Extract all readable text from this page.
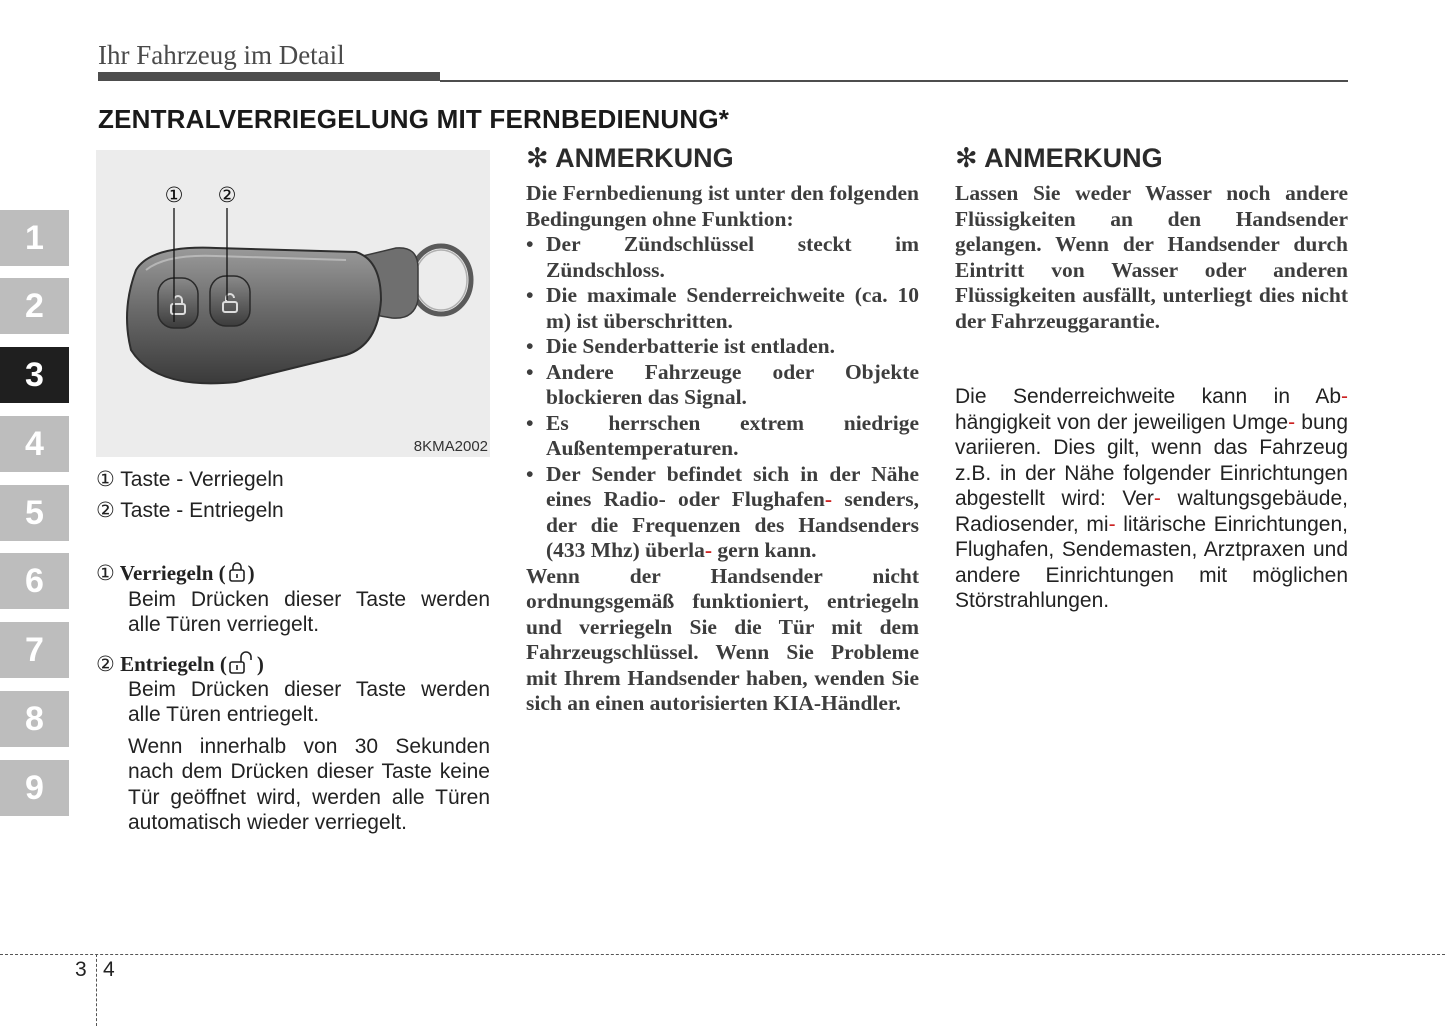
Ihr Fahrzeug im Detail
ZENTRALVERRIEGELUNG MIT FERNBEDIENUNG*
1
2
3
4
5
6
7
8
9
① ②
8KMA2002
① Taste - Verriegeln
② Taste - Entriegeln
① Verriegeln ( )
Beim Drücken dieser Taste werden alle Türen verriegelt.
② Entriegeln ( )
Beim Drücken dieser Taste werden alle Türen entriegelt.
Wenn innerhalb von 30 Sekunden nach dem Drücken dieser Taste keine Tür geöffnet wird, werden alle Türen automatisch wieder verriegelt.
✻ ANMERKUNG
Die Fernbedienung ist unter den folgenden Bedingungen ohne Funktion:
• Der Zündschlüssel steckt im Zündschloss.
• Die maximale Senderreichweite (ca. 10 m) ist überschritten.
• Die Senderbatterie ist entladen.
• Andere Fahrzeuge oder Objekte blockieren das Signal.
• Es herrschen extrem niedrige Außentemperaturen.
• Der Sender befindet sich in der Nähe eines Radio- oder Flughafen- senders, der die Frequenzen des Handsenders (433 Mhz) überla- gern kann.
Wenn der Handsender nicht ordnungsgemäß funktioniert, entriegeln und verriegeln Sie die Tür mit dem Fahrzeugschlüssel. Wenn Sie Probleme mit Ihrem Handsender haben, wenden Sie sich an einen autorisierten KIA-Händler.
✻ ANMERKUNG
Lassen Sie weder Wasser noch andere Flüssigkeiten an den Handsender gelangen. Wenn der Handsender durch Eintritt von Wasser oder anderen Flüssigkeiten ausfällt, unterliegt dies nicht der Fahrzeuggarantie.
Die Senderreichweite kann in Ab- hängigkeit von der jeweiligen Umge- bung variieren. Dies gilt, wenn das Fahrzeug z.B. in der Nähe folgender Einrichtungen abgestellt wird: Ver- waltungsgebäude, Radiosender, mi- litärische Einrichtungen, Flughafen, Sendemasten, Arztpraxen und andere Einrichtungen mit möglichen Störstrahlungen.
3 4
